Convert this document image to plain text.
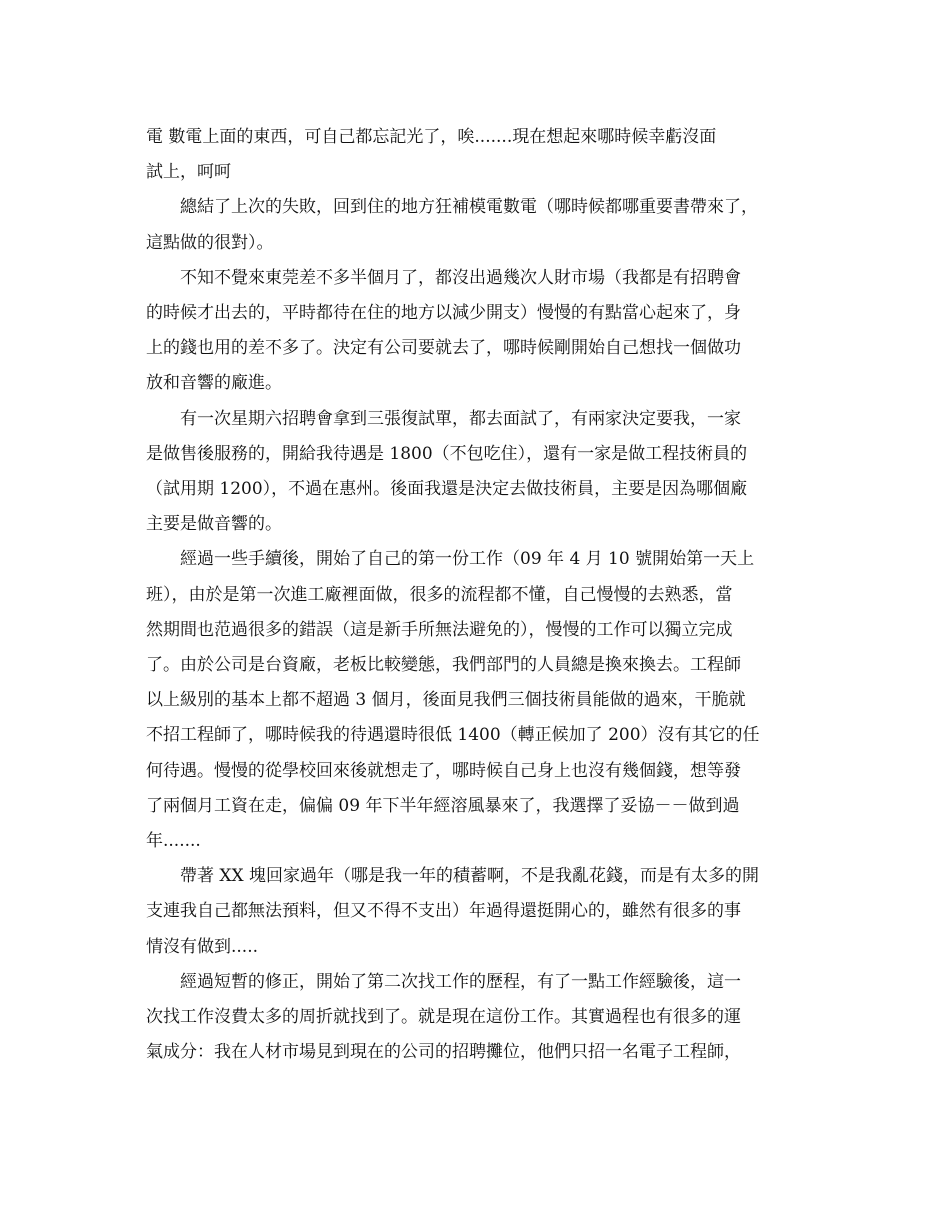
電 數電上面的東西，可自己都忘記光了，唉.......現在想起來哪時候幸虧沒面
試上，呵呵

總結了上次的失敗，回到住的地方狂補模電數電（哪時候都哪重要書帶來了，
這點做的很對）。

不知不覺來東莞差不多半個月了，都沒出過幾次人財市場（我都是有招聘會
的時候才出去的，平時都待在住的地方以減少開支）慢慢的有點當心起來了，身
上的錢也用的差不多了。決定有公司要就去了，哪時候剛開始自己想找一個做功
放和音響的廠進。

有一次星期六招聘會拿到三張復試單，都去面試了，有兩家決定要我，一家
是做售後服務的，開給我待遇是 1800（不包吃住），還有一家是做工程技術員的
（試用期 1200），不過在惠州。後面我還是決定去做技術員，主要是因為哪個廠
主要是做音響的。

經過一些手續後，開始了自己的第一份工作（09 年 4 月 10 號開始第一天上
班），由於是第一次進工廠裡面做，很多的流程都不懂，自己慢慢的去熟悉，當
然期間也范過很多的錯誤（這是新手所無法避免的），慢慢的工作可以獨立完成
了。由於公司是台資廠，老板比較變態，我們部門的人員總是換來換去。工程師
以上級別的基本上都不超過 3 個月，後面見我們三個技術員能做的過來，干脆就
不招工程師了，哪時候我的待遇還時很低 1400（轉正候加了 200）沒有其它的任
何待遇。慢慢的從學校回來後就想走了，哪時候自己身上也沒有幾個錢，想等發
了兩個月工資在走，偏偏 09 年下半年經溶風暴來了，我選擇了妥協－－做到過
年.......

帶著 XX 塊回家過年（哪是我一年的積蓄啊，不是我亂花錢，而是有太多的開
支連我自己都無法預料，但又不得不支出）年過得還挺開心的，雖然有很多的事
情沒有做到.....

經過短暫的修正，開始了第二次找工作的歷程，有了一點工作經驗後，這一
次找工作沒費太多的周折就找到了。就是現在這份工作。其實過程也有很多的運
氣成分：我在人材市場見到現在的公司的招聘攤位，他們只招一名電子工程師，
